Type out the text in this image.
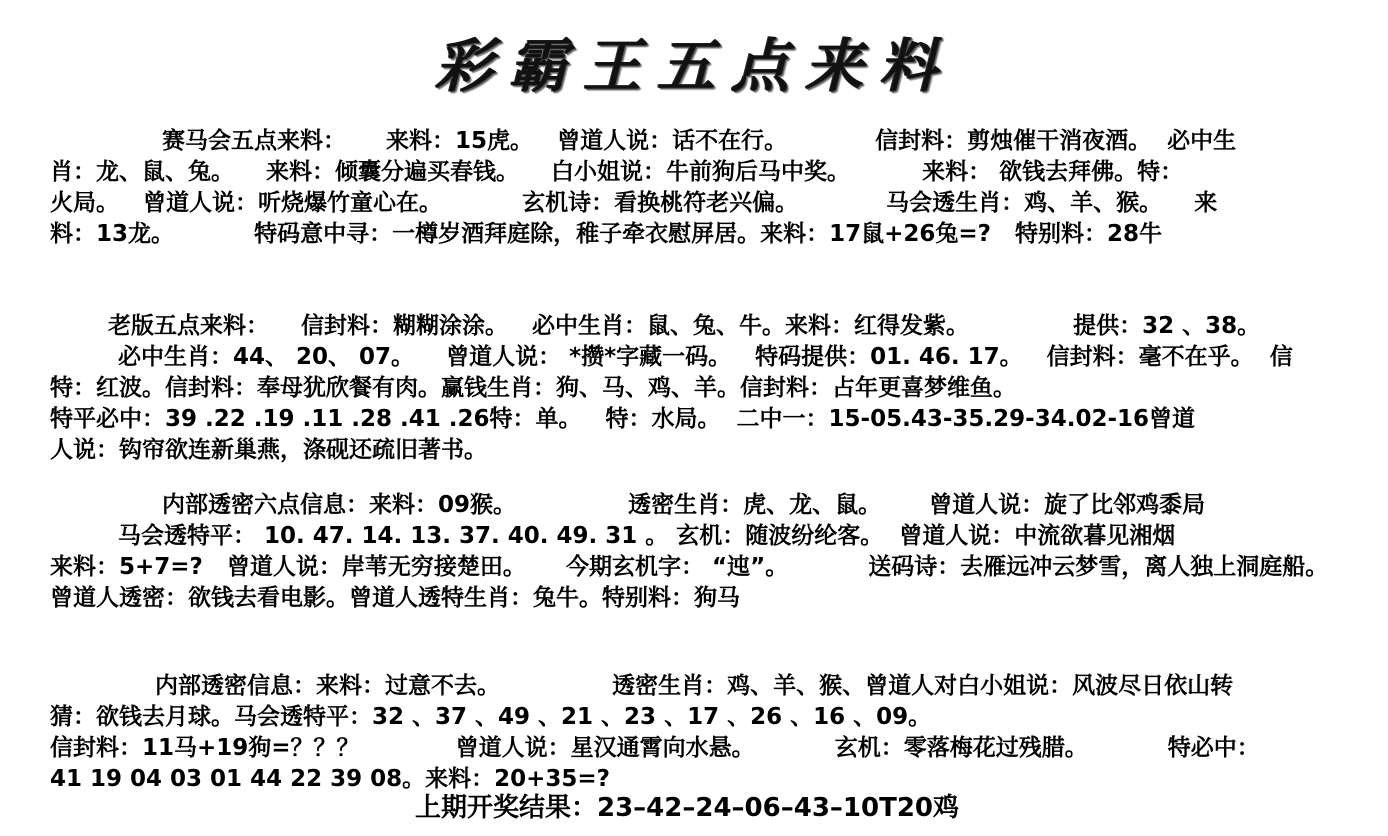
彩霸王五点来料
赛马会五点来料：     来料：15虎。   曾道人说：话不在行。           信封料：剪烛催干消夜酒。  必中生
肖：龙、鼠、兔。    来料：倾囊分遍买春钱。    白小姐说：牛前狗后马中奖。         来料： 欲钱去拜佛。特：
火局。   曾道人说：听烧爆竹童心在。          玄机诗：看换桃符老兴偏。           马会透生肖：鸡、羊、猴。    来
料：13龙。          特码意中寻：一樽岁酒拜庭除，稚子牵衣慰屏居。来料：17鼠+26兔=?   特别料：28牛
老版五点来料：    信封料：糊糊涂涂。   必中生肖：鼠、兔、牛。来料：红得发紫。             提供：32 、38。
必中生肖：44、 20、 07。    曾道人说： *攒*字藏一码。   特码提供：01. 46. 17。   信封料：毫不在乎。  信
特：红波。信封料：奉母犹欣餐有肉。赢钱生肖：狗、马、鸡、羊。信封料：占年更喜梦维鱼。
特平必中：39 .22 .19 .11 .28 .41 .26特：单。   特：水局。  二中一：15-05.43-35.29-34.02-16曾道
人说：钩帘欲连新巢燕，涤砚还疏旧著书。
内部透密六点信息：来料：09猴。              透密生肖：虎、龙、鼠。      曾道人说：旋了比邻鸡黍局
马会透特平： 10. 47. 14. 13. 37. 40. 49. 31 。 玄机：随波纷纶客。  曾道人说：中流欲暮见湘烟
来料：5+7=?   曾道人说：岸苇无穷接楚田。     今期玄机字： “迍”。          送码诗：去雁远冲云梦雪，离人独上洞庭船。
曾道人透密：欲钱去看电影。曾道人透特生肖：兔牛。特别料：狗马
内部透密信息：来料：过意不去。              透密生肖：鸡、羊、猴、曾道人对白小姐说：风波尽日依山转
猜：欲钱去月球。马会透特平：32 、37 、49 、21 、23 、17 、26 、16 、09。
信封料：11马+19狗=？？？            曾道人说：星汉通霄向水悬。          玄机：零落梅花过残腊。          特必中：
41 19 04 03 01 44 22 39 08。来料：20+35=?
上期开奖结果：23–42–24–06–43–10T20鸡
